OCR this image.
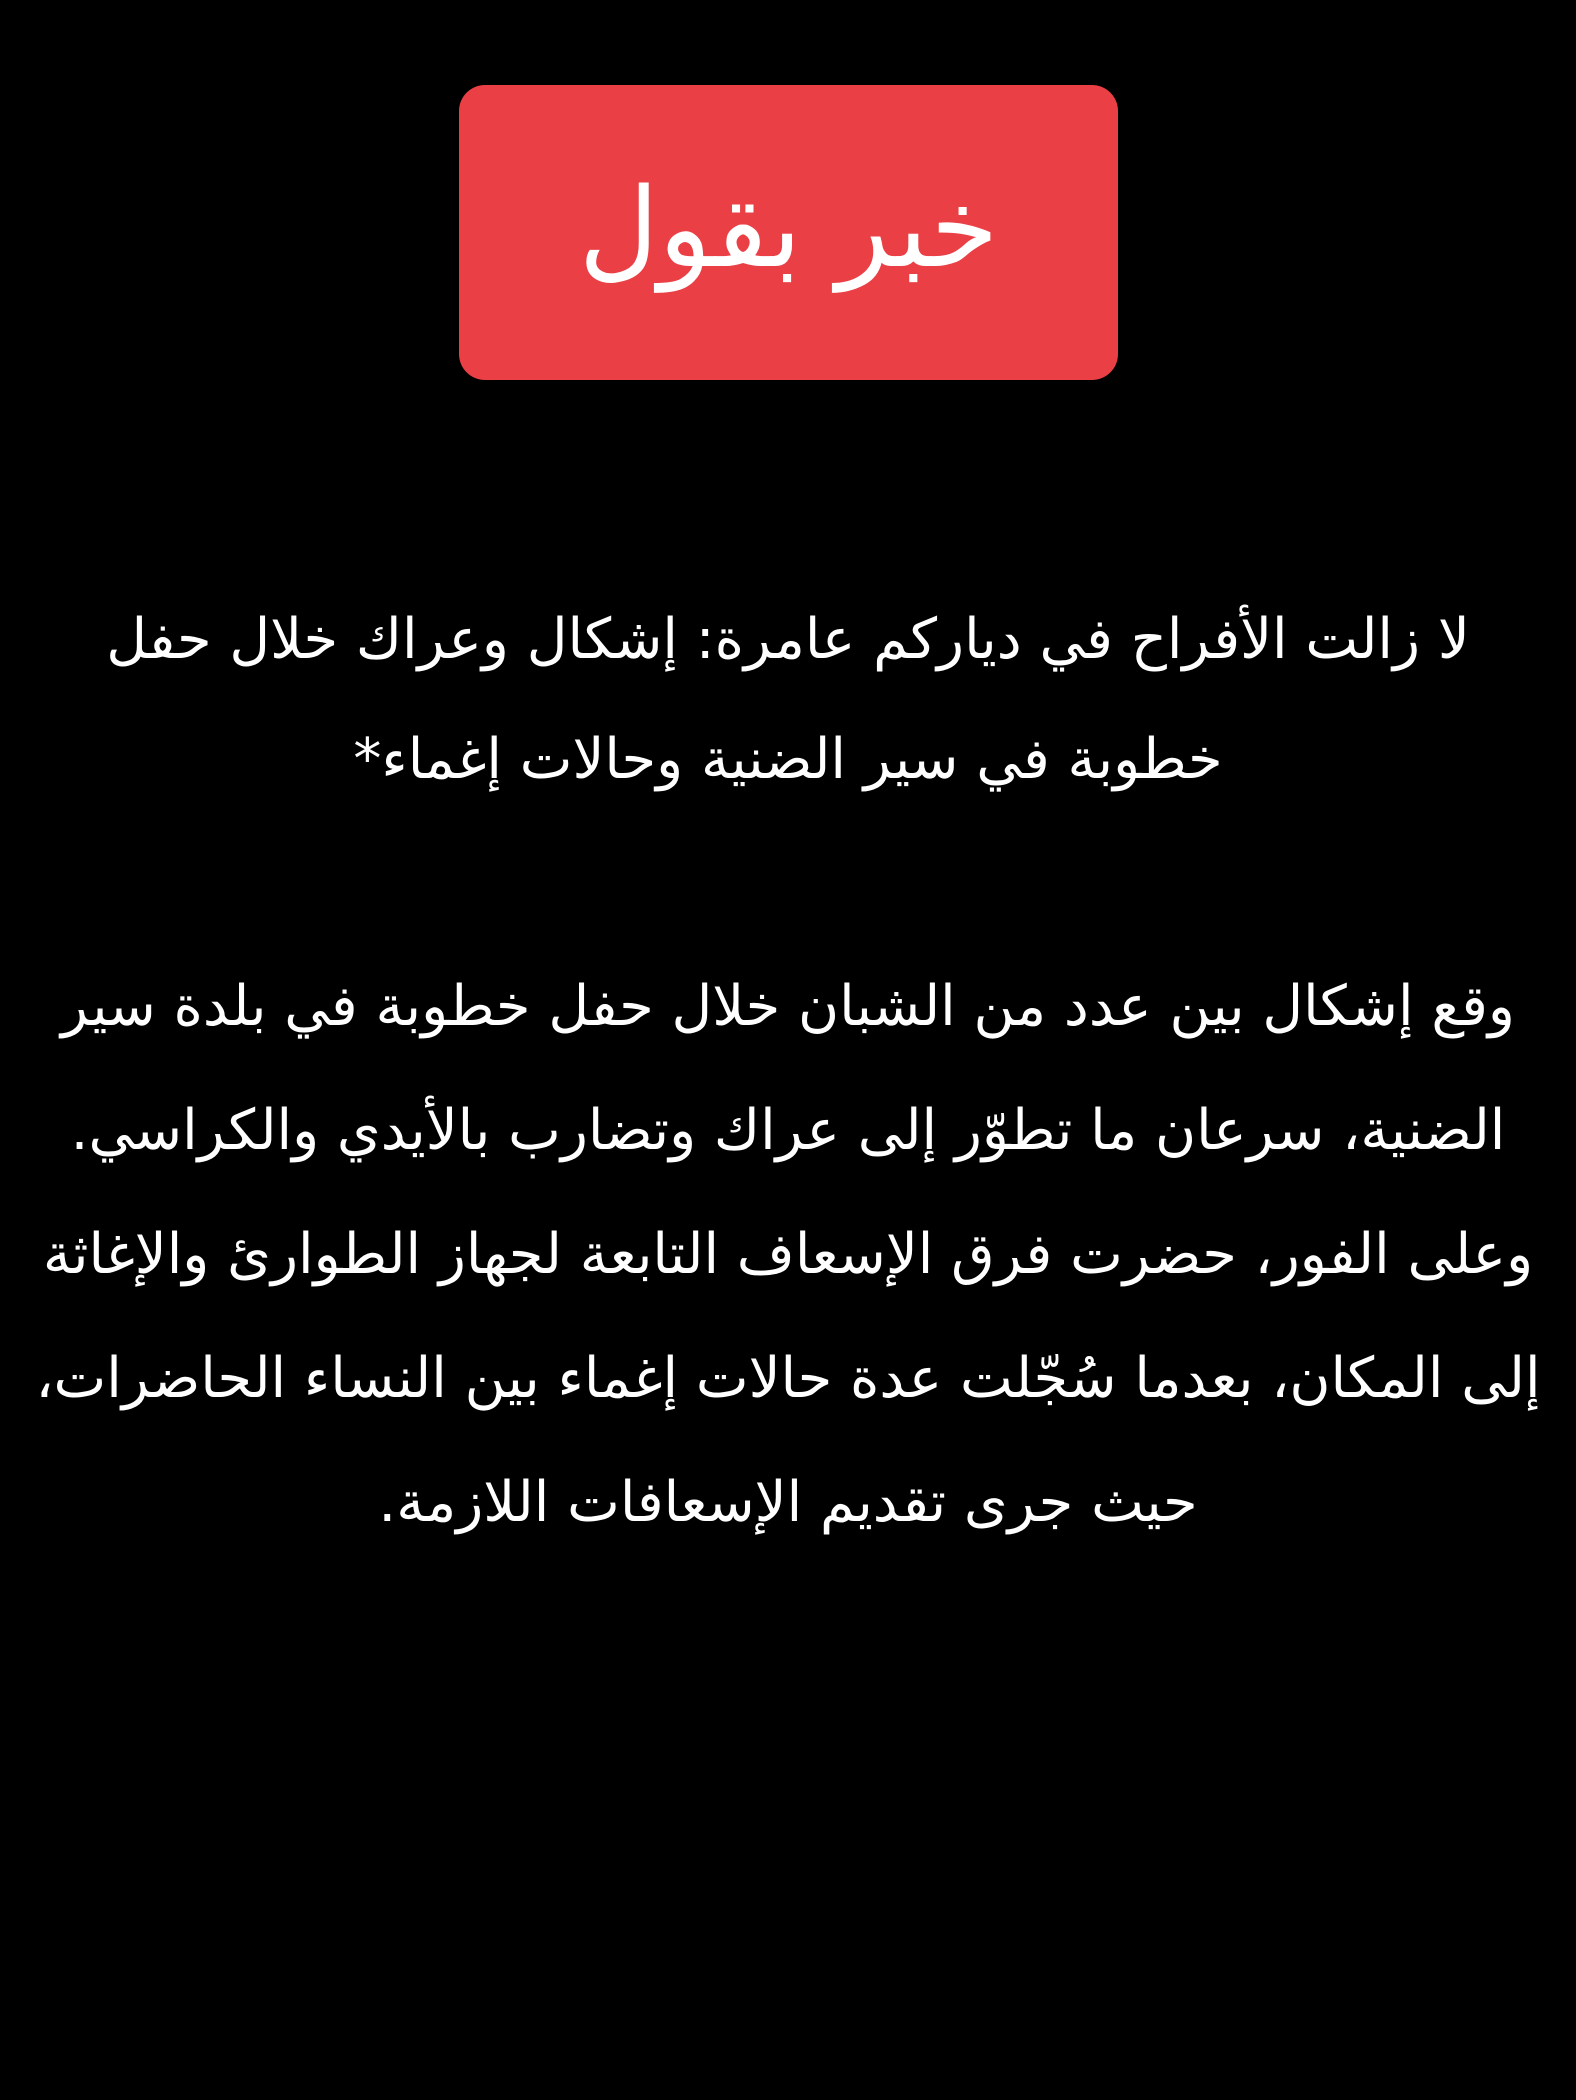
خبر بقول
لا زالت الأفراح في دياركم عامرة: إشكال وعراك خلال حفل خطوبة في سير الضنية وحالات إغماء*
وقع إشكال بين عدد من الشبان خلال حفل خطوبة في بلدة سير الضنية، سرعان ما تطوّر إلى عراك وتضارب بالأيدي والكراسي. وعلى الفور، حضرت فرق الإسعاف التابعة لجهاز الطوارئ والإغاثة إلى المكان، بعدما سُجّلت عدة حالات إغماء بين النساء الحاضرات، حيث جرى تقديم الإسعافات اللازمة.
